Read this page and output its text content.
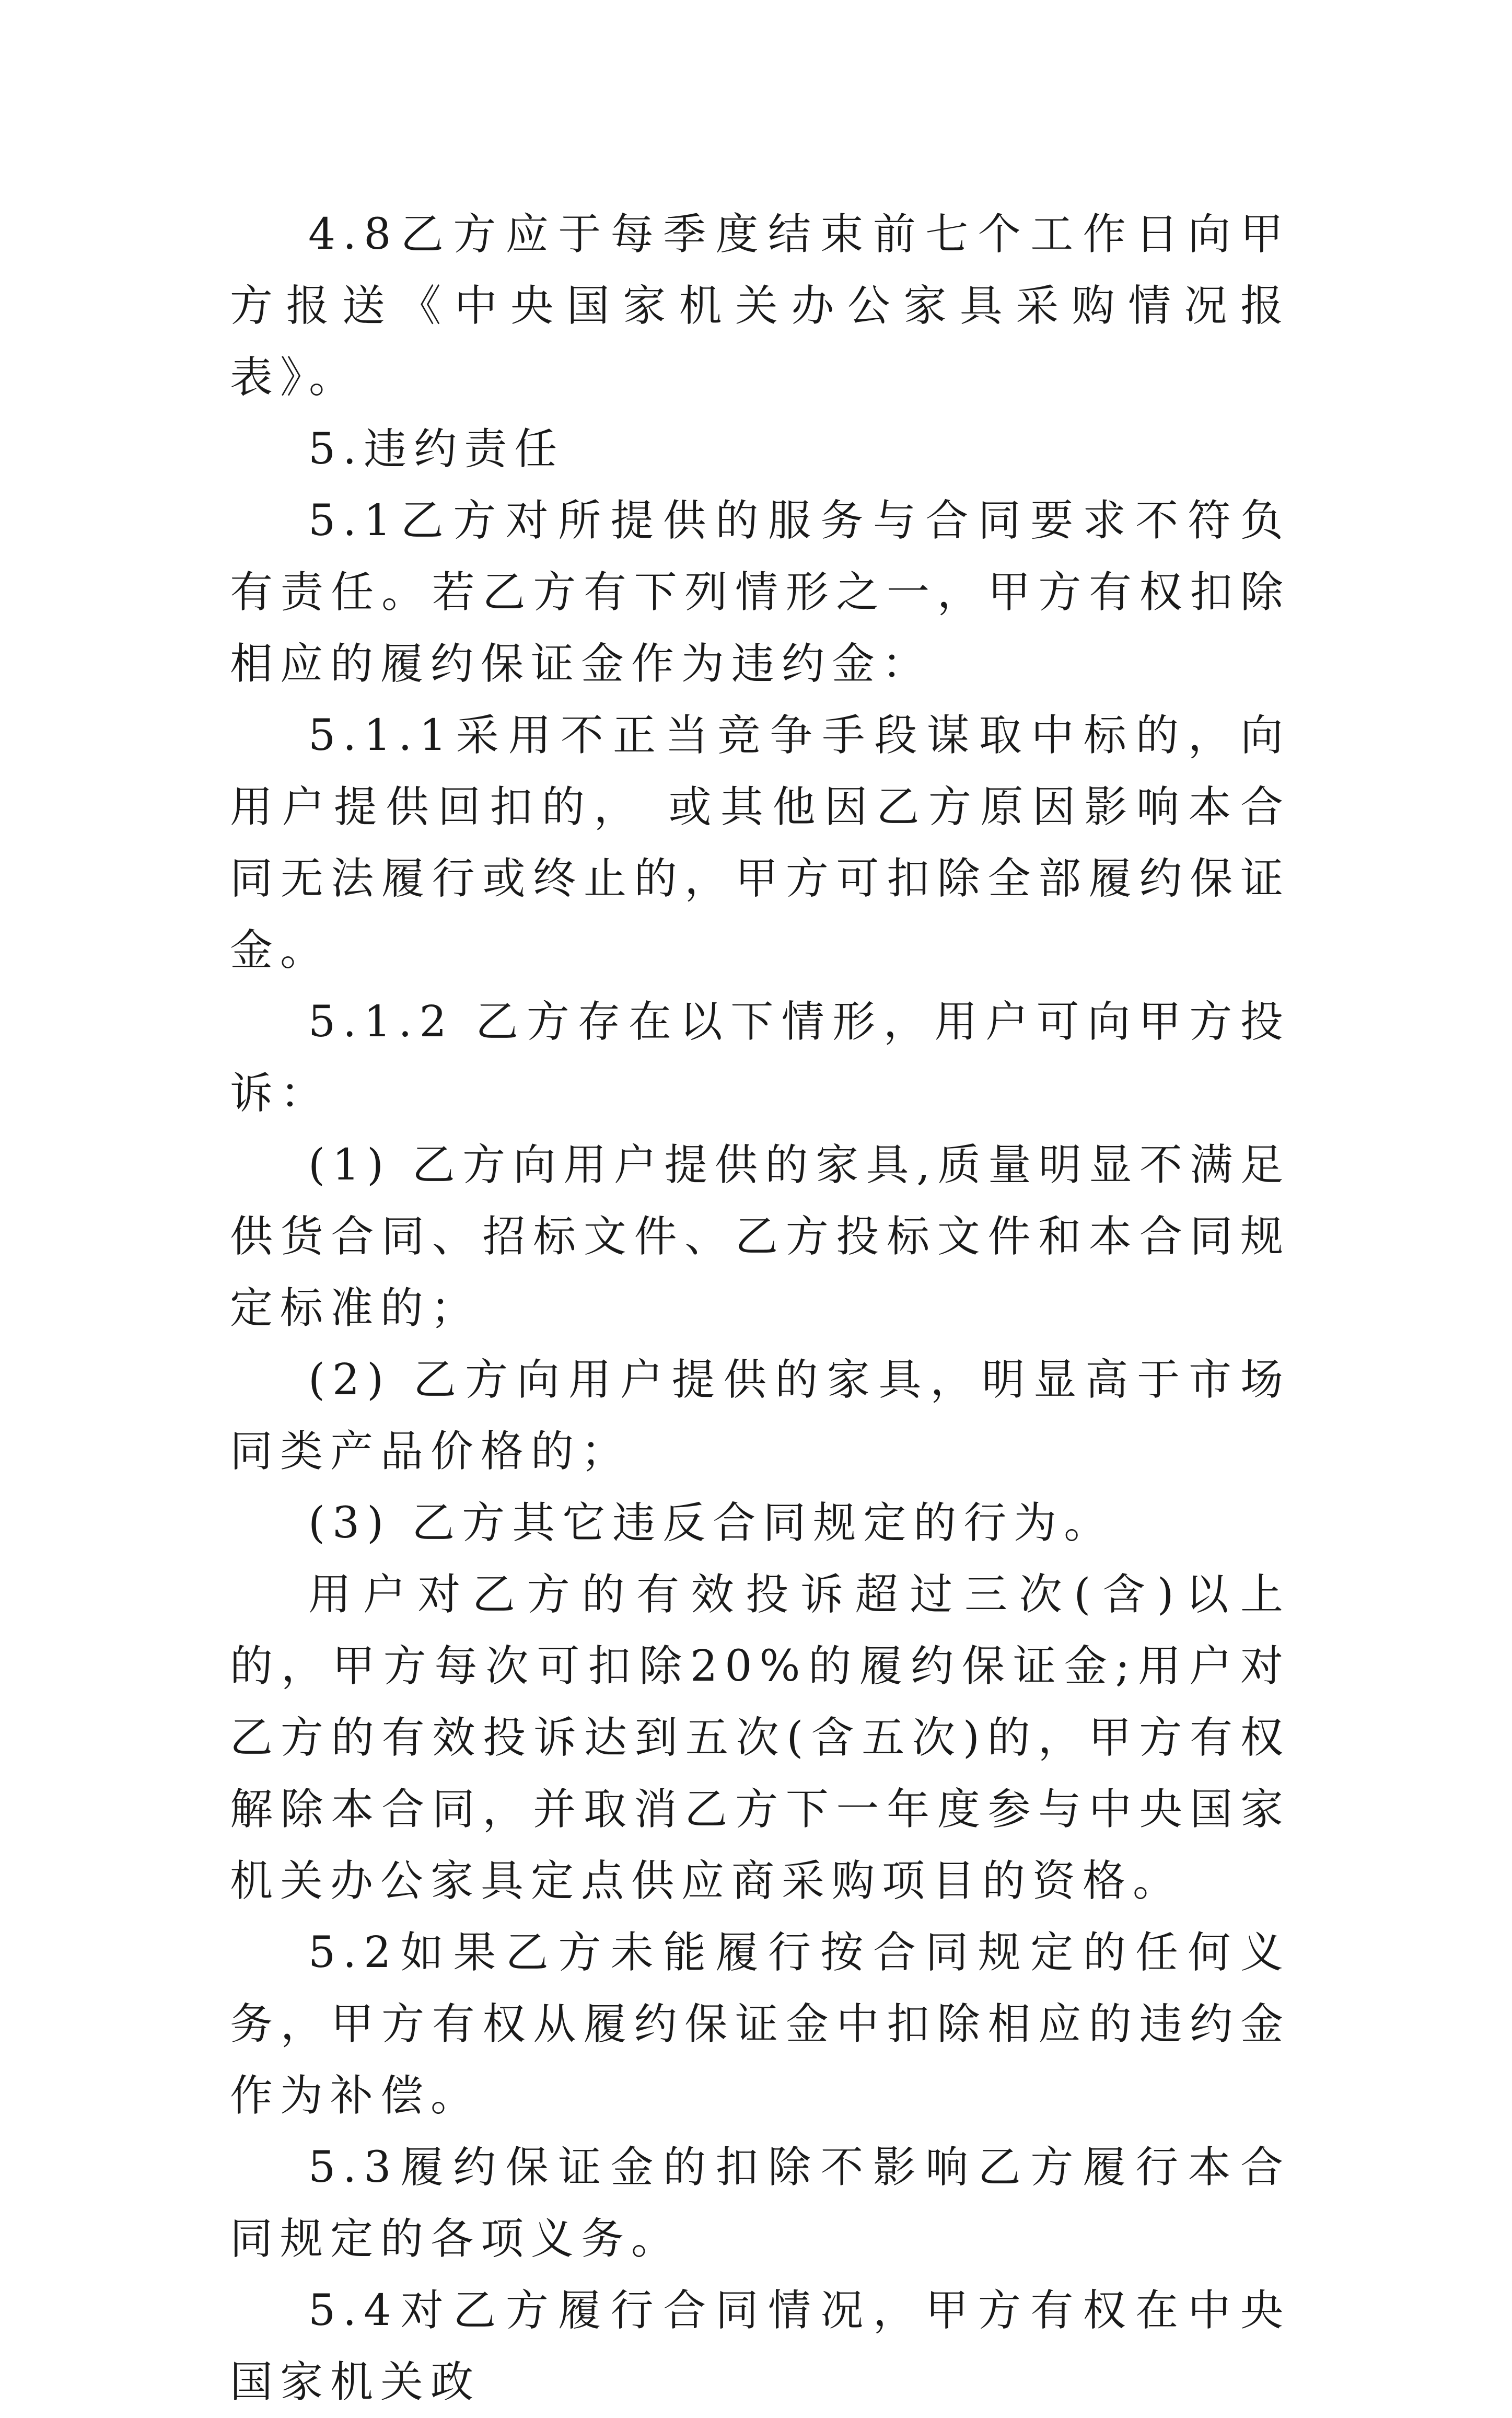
4.8乙方应于每季度结束前七个工作日向甲方报送《中央国家机关办公家具采购情况报表》。

5.违约责任

5.1乙方对所提供的服务与合同要求不符负有责任。若乙方有下列情形之一，甲方有权扣除相应的履约保证金作为违约金：

5.1.1采用不正当竞争手段谋取中标的，向用户提供回扣的， 或其他因乙方原因影响本合同无法履行或终止的，甲方可扣除全部履约保证金。

5.1.2 乙方存在以下情形，用户可向甲方投诉：

(1) 乙方向用户提供的家具,质量明显不满足供货合同、招标文件、乙方投标文件和本合同规定标准的；

(2) 乙方向用户提供的家具，明显高于市场同类产品价格的；

(3) 乙方其它违反合同规定的行为。

用户对乙方的有效投诉超过三次(含)以上的，甲方每次可扣除20%的履约保证金;用户对乙方的有效投诉达到五次(含五次)的，甲方有权解除本合同，并取消乙方下一年度参与中央国家机关办公家具定点供应商采购项目的资格。

5.2如果乙方未能履行按合同规定的任何义务，甲方有权从履约保证金中扣除相应的违约金作为补偿。

5.3履约保证金的扣除不影响乙方履行本合同规定的各项义务。

5.4对乙方履行合同情况，甲方有权在中央国家机关政
